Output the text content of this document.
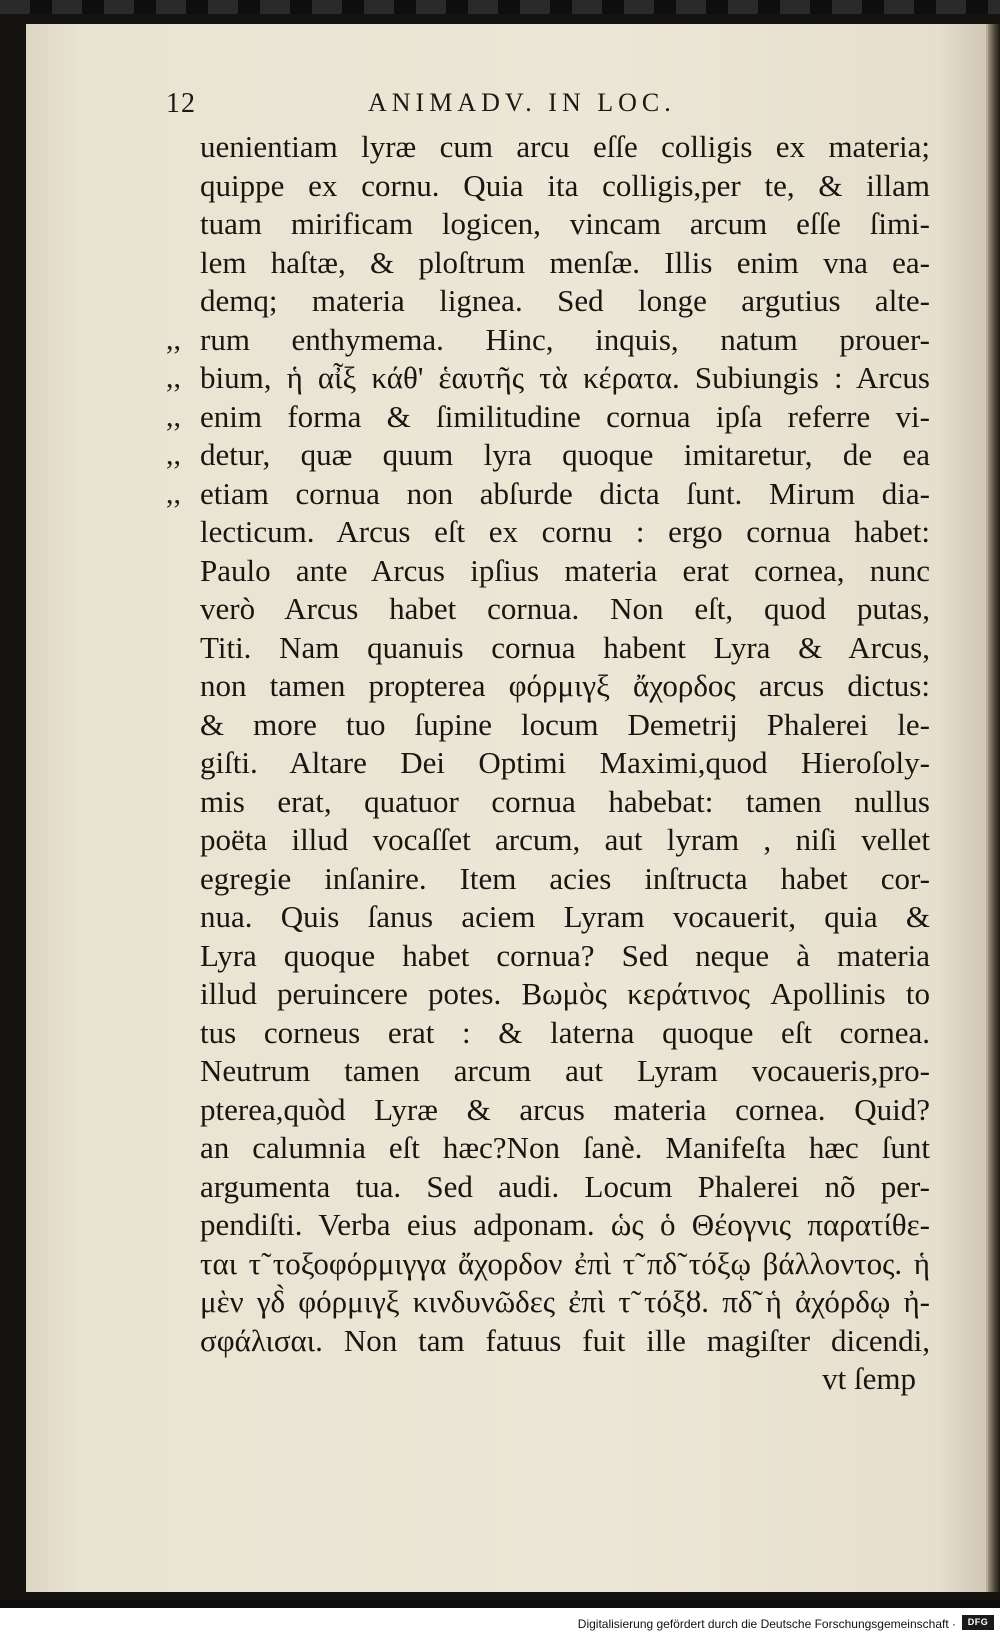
12	ANIMADV. IN LOC.
uenientiam lyræ cum arcu eſſe colligis ex materia;
quippe ex cornu. Quia ita colligis,per te, & illam
tuam mirificam logicen, vincam arcum eſſe ſimi-
lem haſtæ, & ploſtrum menſæ. Illis enim vna ea-
demq; materia lignea. Sed longe argutius alte-
,, rum enthymema. Hinc, inquis, natum prouer-
,, bium, ἡ αἶξ κάθ' ἑαυτῆς τὰ κέρατα. Subiungis : Arcus
,, enim forma & ſimilitudine cornua ipſa referre vi-
,, detur, quæ quum lyra quoque imitaretur, de ea
,, etiam cornua non abſurde dicta ſunt. Mirum dia-
lecticum. Arcus eſt ex cornu : ergo cornua habet:
Paulo ante Arcus ipſius materia erat cornea, nunc
verò Arcus habet cornua. Non eſt, quod putas,
Titi. Nam quanuis cornua habent Lyra & Arcus,
non tamen propterea φόρμιγξ ἄχορδος arcus dictus:
& more tuo ſupine locum Demetrij Phalerei le-
giſti. Altare Dei Optimi Maximi,quod Hieroſoly-
mis erat, quatuor cornua habebat: tamen nullus
poëta illud vocaſſet arcum, aut lyram , niſi vellet
egregie inſanire. Item acies inſtructa habet cor-
nua. Quis ſanus aciem Lyram vocauerit, quia &
Lyra quoque habet cornua? Sed neque à materia
illud peruincere potes. Βωμὸς κεράτινος Apollinis to
tus corneus erat : & laterna quoque eſt cornea.
Neutrum tamen arcum aut Lyram vocaueris,pro-
pterea,quòd Lyræ & arcus materia cornea. Quid?
an calumnia eſt hæc?Non ſanè. Manifeſta hæc ſunt
argumenta tua. Sed audi. Locum Phalerei nõ per-
pendiſti. Verba eius adponam. ὡς ὁ Θέογνις παρατίθε-
ται τ̃ τοξοφόρμιγγα ἄχορδον ἐπὶ τ̃ πδ̃ τόξῳ βάλλοντος. ἡ
μὲν γδ̀ φόρμιγξ κινδυνῶδες ἐπὶ τ̃ τόξȣ. πδ̃ ἡ ἀχόρδῳ ἠ-
σφάλισαι. Non tam fatuus fuit ille magiſter dicendi,
vt ſemp
Digitalisierung gefördert durch die Deutsche Forschungsgemeinschaft ·	DFG
